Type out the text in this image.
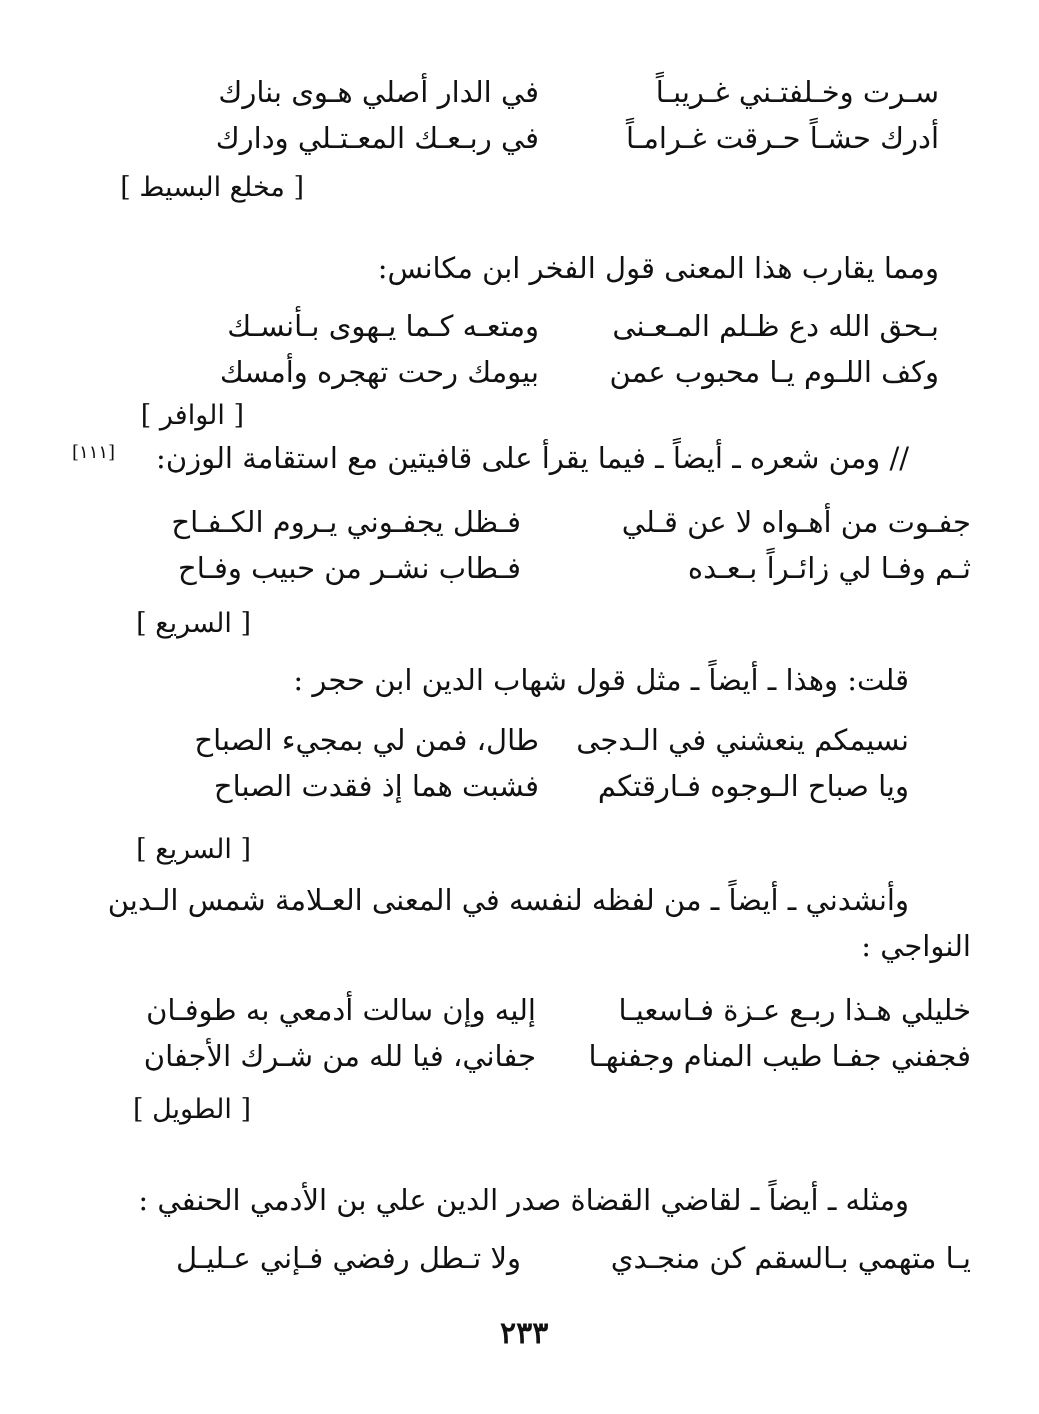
سـرت وخـلفتـني غـريبـاً
في الدار أصلي هـوى بنارك
أدرك حشـاً حـرقت غـرامـاً
في ربـعـك المعـتـلي ودارك
[ مخلع البسيط ]
ومما يقارب هذا المعنى قول الفخر ابن مكانس:
بـحق الله دع ظـلم المـعـنى
ومتعـه كـما يـهوى بـأنسـك
وكف اللـوم يـا محبوب عمن
بيومك رحت تهجره وأمسك
[ الوافر ]
// ومن شعره ـ أيضاً ـ فيما يقرأ على قافيتين مع استقامة الوزن:
[١١١]
جفـوت من أهـواه لا عن قـلي
فـظل يجفـوني يـروم الكـفـاح
ثـم وفـا لي زائـراً بـعـده
فـطاب نشـر من حبيب وفـاح
[ السريع ]
قلت: وهذا ـ أيضاً ـ مثل قول شهاب الدين ابن حجر :
نسيمكم ينعشني في الـدجى
طال، فمن لي بمجيء الصباح
ويا صباح الـوجوه فـارقتكم
فشبت هما إذ فقدت الصباح
[ السريع ]
وأنشدني ـ أيضاً ـ من لفظه لنفسه في المعنى العـلامة شمس الـدين
النواجي :
خليلي هـذا ربـع عـزة فـاسعيـا
إليه وإن سالت أدمعي به طوفـان
فجفني جفـا طيب المنام وجفنهـا
جفاني، فيا لله من شـرك الأجفان
[ الطويل ]
ومثله ـ أيضاً ـ لقاضي القضاة صدر الدين علي بن الأدمي الحنفي :
يـا متهمي بـالسقم كن منجـدي
ولا تـطل رفضي فـإني عـليـل
٢٣٣
